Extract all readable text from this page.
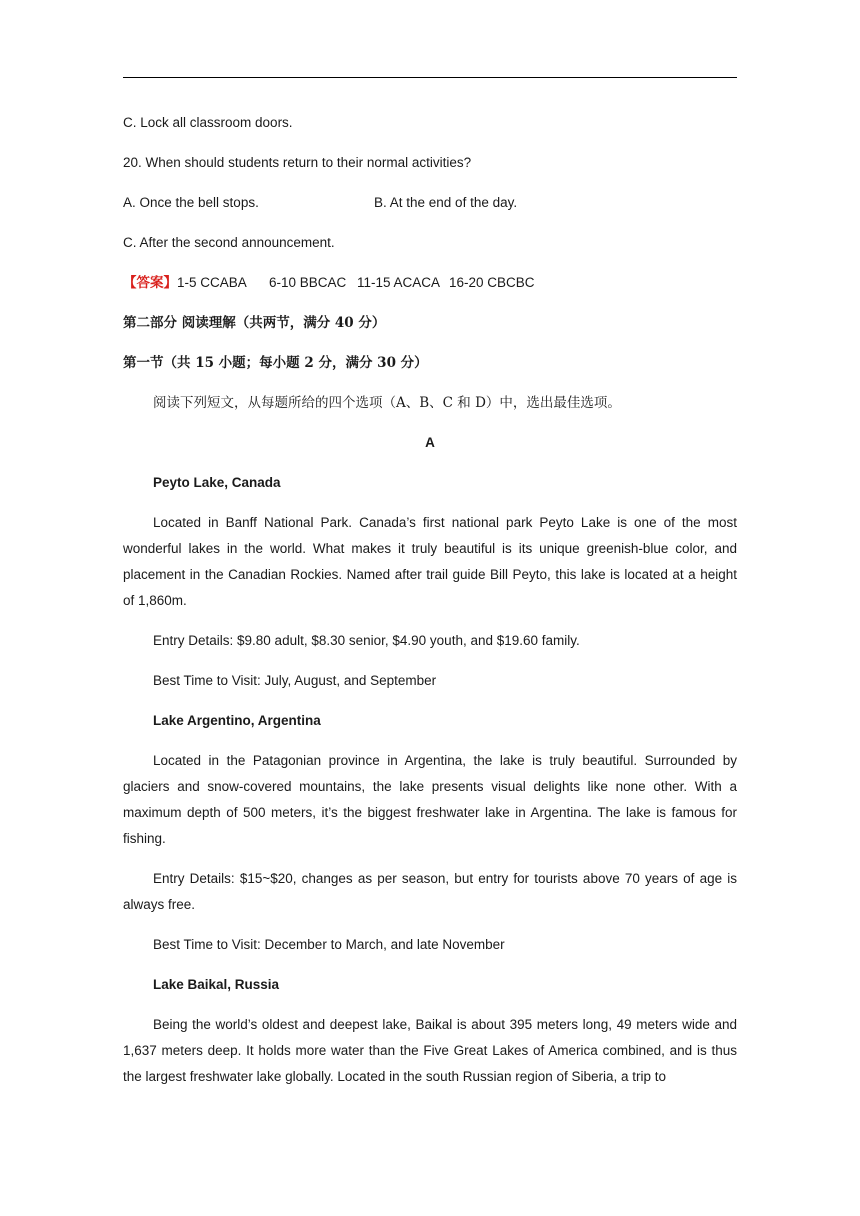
C. Lock all classroom doors.
20. When should students return to their normal activities?
A. Once the bell stops.	B. At the end of the day.
C. After the second announcement.
【答案】1-5 CCABA 6-10 BBCAC 11-15 ACACA 16-20 CBCBC
第二部分 阅读理解（共两节，满分 40 分）
第一节（共 15 小题；每小题 2 分，满分 30 分）
阅读下列短文，从每题所给的四个选项（A、B、C 和 D）中，选出最佳选项。
A
Peyto Lake, Canada
Located in Banff National Park. Canada’s first national park Peyto Lake is one of the most wonderful lakes in the world. What makes it truly beautiful is its unique greenish-blue color, and placement in the Canadian Rockies. Named after trail guide Bill Peyto, this lake is located at a height of 1,860m.
Entry Details: $9.80 adult, $8.30 senior, $4.90 youth, and $19.60 family.
Best Time to Visit: July, August, and September
Lake Argentino, Argentina
Located in the Patagonian province in Argentina, the lake is truly beautiful. Surrounded by glaciers and snow-covered mountains, the lake presents visual delights like none other. With a maximum depth of 500 meters, it’s the biggest freshwater lake in Argentina. The lake is famous for fishing.
Entry Details: $15~$20, changes as per season, but entry for tourists above 70 years of age is always free.
Best Time to Visit: December to March, and late November
Lake Baikal, Russia
Being the world’s oldest and deepest lake, Baikal is about 395 meters long, 49 meters wide and 1,637 meters deep. It holds more water than the Five Great Lakes of America combined, and is thus the largest freshwater lake globally. Located in the south Russian region of Siberia, a trip to
